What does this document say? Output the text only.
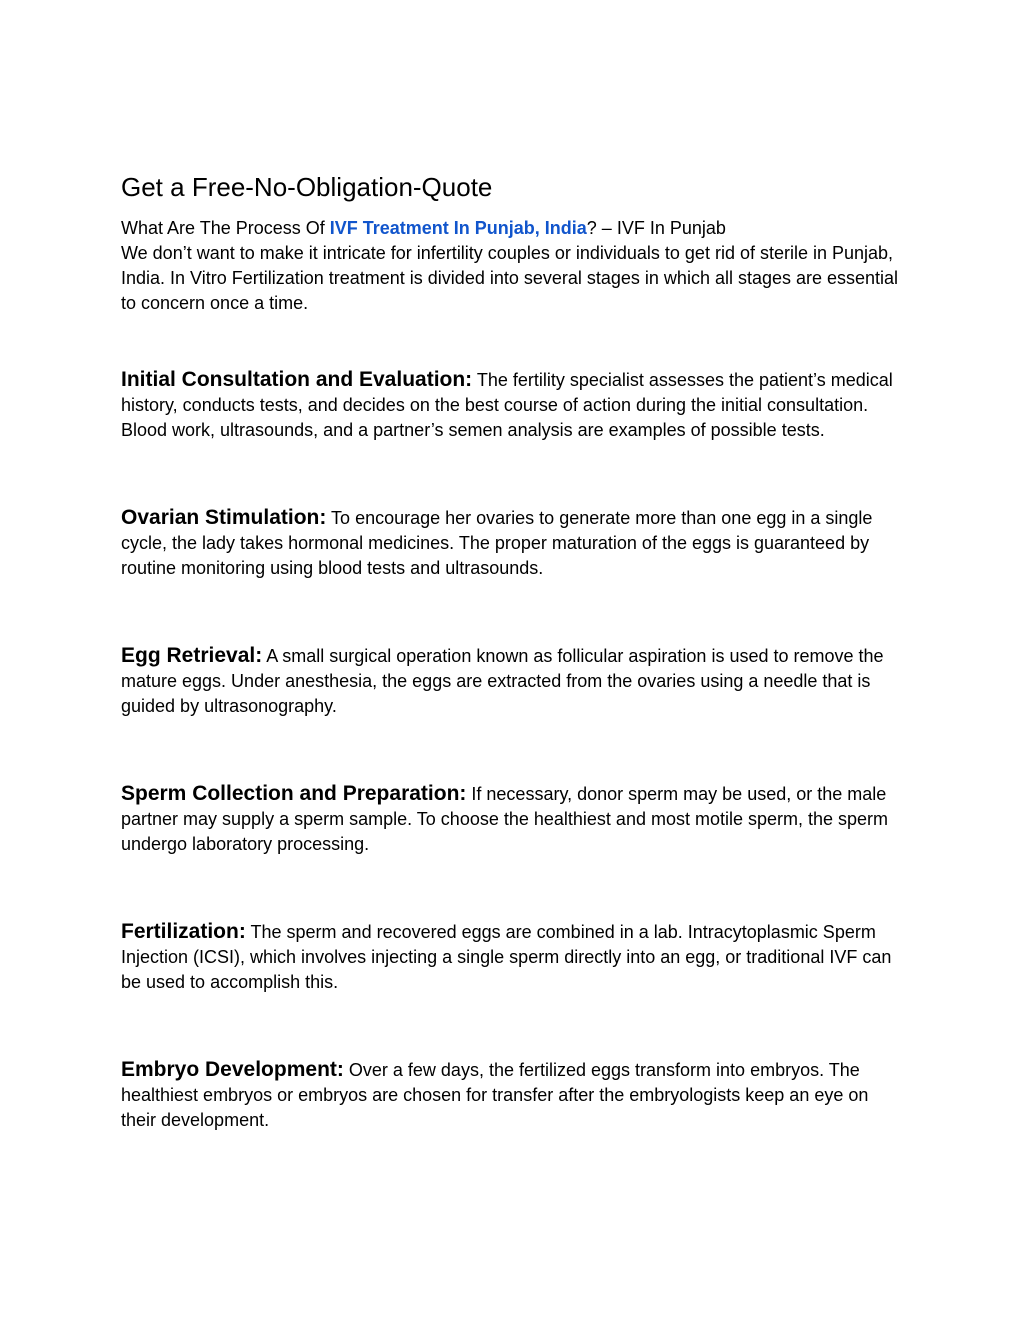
Get a Free-No-Obligation-Quote

What Are The Process Of IVF Treatment In Punjab, India? – IVF In Punjab

We don’t want to make it intricate for infertility couples or individuals to get rid of sterile in Punjab, India. In Vitro Fertilization treatment is divided into several stages in which all stages are essential to concern once a time.

Initial Consultation and Evaluation: The fertility specialist assesses the patient’s medical history, conducts tests, and decides on the best course of action during the initial consultation. Blood work, ultrasounds, and a partner’s semen analysis are examples of possible tests.

Ovarian Stimulation: To encourage her ovaries to generate more than one egg in a single cycle, the lady takes hormonal medicines. The proper maturation of the eggs is guaranteed by routine monitoring using blood tests and ultrasounds.

Egg Retrieval: A small surgical operation known as follicular aspiration is used to remove the mature eggs. Under anesthesia, the eggs are extracted from the ovaries using a needle that is guided by ultrasonography.

Sperm Collection and Preparation: If necessary, donor sperm may be used, or the male partner may supply a sperm sample. To choose the healthiest and most motile sperm, the sperm undergo laboratory processing.

Fertilization: The sperm and recovered eggs are combined in a lab. Intracytoplasmic Sperm Injection (ICSI), which involves injecting a single sperm directly into an egg, or traditional IVF can be used to accomplish this.

Embryo Development: Over a few days, the fertilized eggs transform into embryos. The healthiest embryos or embryos are chosen for transfer after the embryologists keep an eye on their development.
